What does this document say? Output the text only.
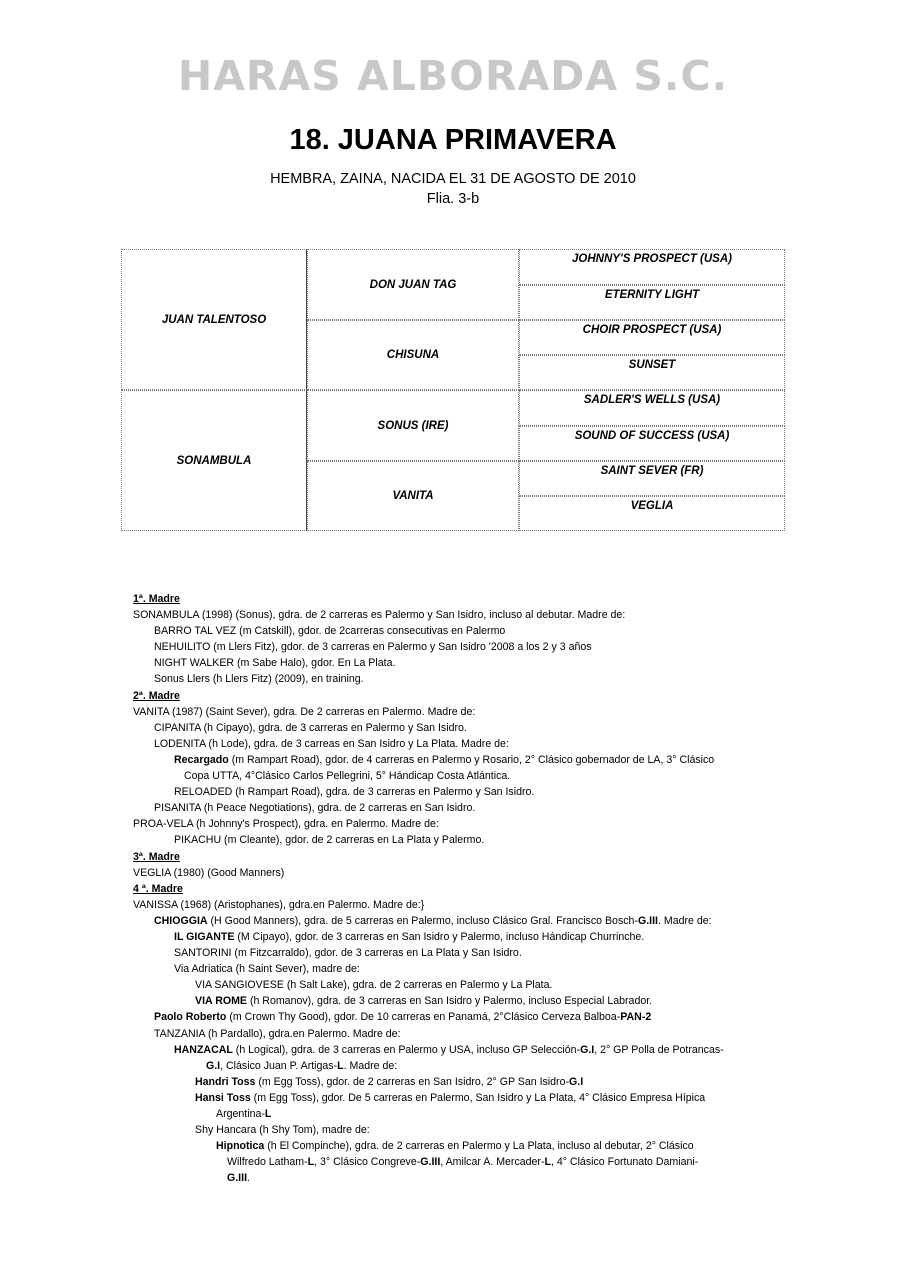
HARAS ALBORADA S.C.
18. JUANA PRIMAVERA
HEMBRA, ZAINA, NACIDA EL 31 DE AGOSTO DE 2010
Flia. 3-b
JUAN TALENTOSO
SONAMBULA
DON JUAN TAG
CHISUNA
SONUS (IRE)
VANITA
JOHNNY'S PROSPECT (USA)
ETERNITY LIGHT
CHOIR PROSPECT (USA)
SUNSET
SADLER'S WELLS (USA)
SOUND OF SUCCESS (USA)
SAINT SEVER (FR)
VEGLIA
1ª. Madre
SONAMBULA (1998) (Sonus), gdra. de 2 carreras es Palermo y San Isidro, incluso al debutar. Madre de:
BARRO TAL VEZ (m Catskill), gdor. de 2carreras consecutivas en Palermo
NEHUILITO (m Llers Fitz), gdor. de 3 carreras en Palermo y San Isidro '2008 a los 2 y 3 años
NIGHT WALKER (m Sabe Halo), gdor. En La Plata.
Sonus Llers (h Llers Fitz) (2009), en training.
2ª. Madre
VANITA (1987) (Saint Sever), gdra. De 2 carreras en Palermo. Madre de:
CIPANITA (h Cipayo), gdra. de 3 carreras en Palermo y San Isidro.
LODENITA (h Lode), gdra. de 3 carreas en San Isidro y La Plata. Madre de:
Recargado (m Rampart Road), gdor. de 4 carreras en Palermo y Rosario, 2° Clásico gobernador de LA, 3° Clásico
Copa UTTA, 4°Clásico Carlos Pellegrini, 5° Hándicap Costa Atlántica.
RELOADED (h Rampart Road), gdra. de 3 carreras en Palermo y San Isidro.
PISANITA (h Peace Negotiations), gdra. de 2 carreras en San Isidro.
PROA-VELA (h Johnny's Prospect), gdra. en Palermo. Madre de:
PIKACHU (m Cleante), gdor. de 2 carreras en La Plata y Palermo.
3ª. Madre
VEGLIA (1980) (Good Manners)
4 ª. Madre
VANISSA (1968) (Aristophanes), gdra.en Palermo. Madre de:}
CHIOGGIA (H Good Manners), gdra. de 5 carreras en Palermo, incluso Clásico Gral. Francisco Bosch-G.III. Madre de:
IL GIGANTE (M Cipayo), gdor. de 3 carreras en San Isidro y Palermo, incluso Hándicap Churrinche.
SANTORINI (m Fitzcarraldo), gdor. de 3 carreras en La Plata y San Isidro.
Via Adriatica (h Saint Sever), madre de:
VIA SANGIOVESE (h Salt Lake), gdra. de 2 carreras en Palermo y La Plata.
VIA ROME (h Romanov), gdra. de 3 carreras en San Isidro y Palermo, incluso Especial Labrador.
Paolo Roberto (m Crown Thy Good), gdor. De 10 carreras en Panamá, 2°Clásico Cerveza Balboa-PAN-2
TANZANIA (h Pardallo), gdra.en Palermo. Madre de:
HANZACAL (h Logical), gdra. de 3 carreras en Palermo y USA, incluso GP Selección-G.I, 2° GP Polla de Potrancas-
G.I, Clásico Juan P. Artigas-L. Madre de:
Handri Toss (m Egg Toss), gdor. de 2 carreras en San Isidro, 2° GP San Isidro-G.I
Hansi Toss (m Egg Toss), gdor. De 5 carreras en Palermo, San Isidro y La Plata, 4° Clásico Empresa Hípica
Argentina-L
Shy Hancara (h Shy Tom), madre de:
Hipnotica (h El Compinche), gdra. de 2 carreras en Palermo y La Plata, incluso al debutar, 2° Clásico
Wilfredo Latham-L, 3° Clásico Congreve-G.III, Amilcar A. Mercader-L, 4° Clásico Fortunato Damiani-
G.III.
